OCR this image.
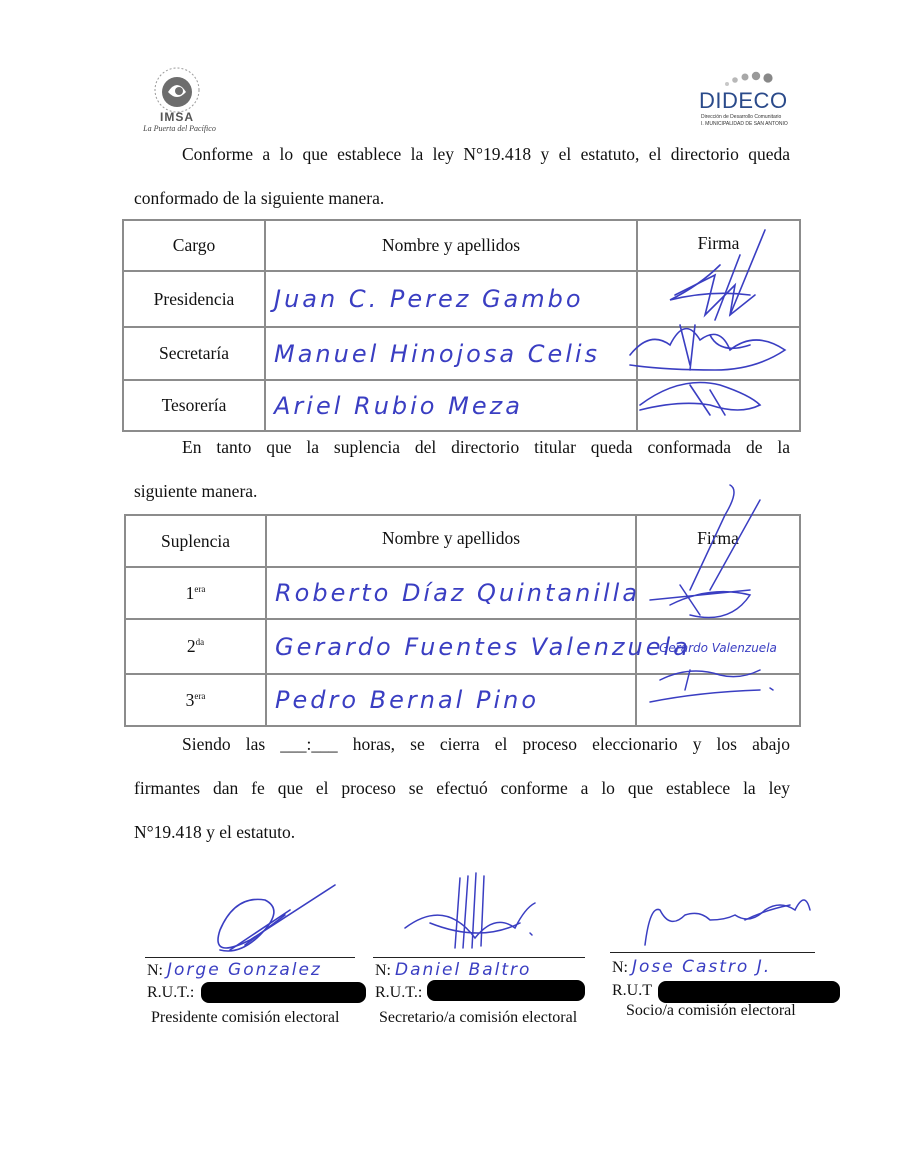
IMSA
La Puerta del Pacífico
DIDECO
Dirección de Desarrollo Comunitario
I. MUNICIPALIDAD DE SAN ANTONIO
Conforme a lo que establece la ley N°19.418 y el estatuto, el directorio queda
conformado de la siguiente manera.
Cargo	Nombre y apellidos	Firma
Presidencia	Juan C. Perez Gambo	

Secretaría	Manuel Hinojosa Celis	

Tesorería	Ariel Rubio Meza	

En tanto que la suplencia del directorio titular queda conformada de la
siguiente manera.
Suplencia	Nombre y apellidos	Firma
$1^{era}$	Roberto Díaz Quintanilla	

$2^{da}$	Gerardo Fuentes Valenzuela	Gerardo Valenzuela
$3^{era}$	Pedro Bernal Pino	

Siendo las ___:___ horas, se cierra el proceso eleccionario y los abajo
firmantes dan fe que el proceso se efectuó conforme a lo que establece la ley
N°19.418 y el estatuto.
N: Jorge Gonzalez
R.U.T.:
Presidente comisión electoral
N: Daniel Baltro
R.U.T.:
Secretario/a comisión electoral
N: Jose Castro J.
R.U.T
Socio/a comisión electoral
